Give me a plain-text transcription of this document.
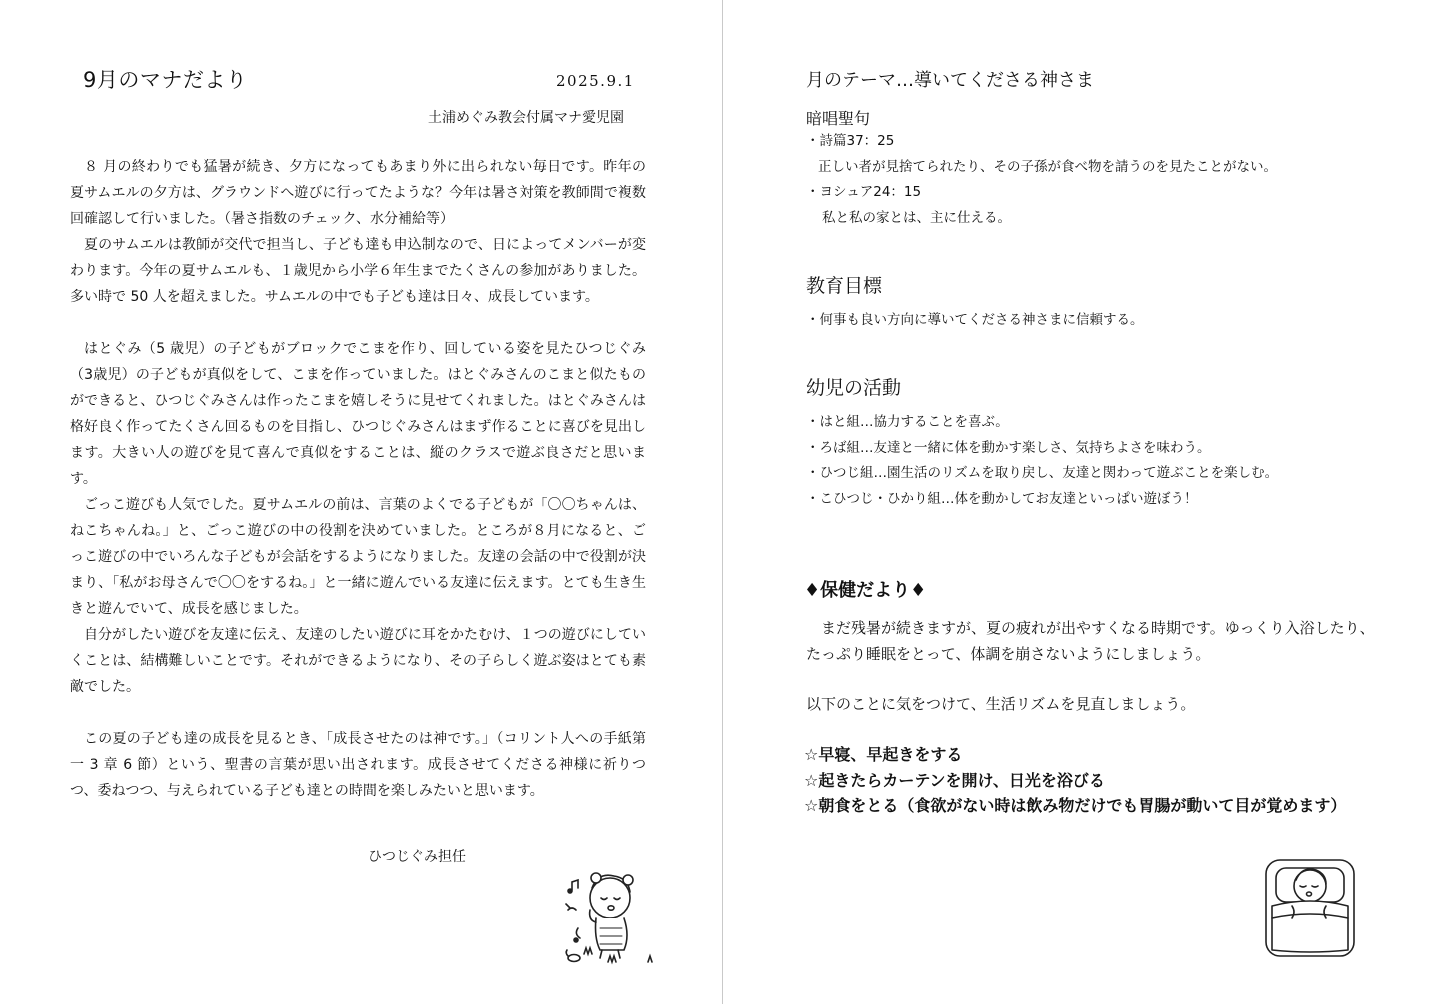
9月のマナだより	2025.9.1
土浦めぐみ教会付属マナ愛児園

８ 月の終わりでも猛暑が続き、夕方になってもあまり外に出られない毎日です。昨年の夏サムエルの夕方は、グラウンドへ遊びに行ってたような？今年は暑さ対策を教師間で複数回確認して行いました。（暑さ指数のチェック、水分補給等）

夏のサムエルは教師が交代で担当し、子ども達も申込制なので、日によってメンバーが変わります。今年の夏サムエルも、１歳児から小学６年生までたくさんの参加がありました。多い時で 50 人を超えました。サムエルの中でも子ども達は日々、成長しています。

はとぐみ（5 歳児）の子どもがブロックでこまを作り、回している姿を見たひつじぐみ（3歳児）の子どもが真似をして、こまを作っていました。はとぐみさんのこまと似たものができると、ひつじぐみさんは作ったこまを嬉しそうに見せてくれました。はとぐみさんは格好良く作ってたくさん回るものを目指し、ひつじぐみさんはまず作ることに喜びを見出します。大きい人の遊びを見て喜んで真似をすることは、縦のクラスで遊ぶ良さだと思います。

ごっこ遊びも人気でした。夏サムエルの前は、言葉のよくでる子どもが「〇〇ちゃんは、ねこちゃんね。」と、ごっこ遊びの中の役割を決めていました。ところが８月になると、ごっこ遊びの中でいろんな子どもが会話をするようになりました。友達の会話の中で役割が決まり、「私がお母さんで〇〇をするね。」と一緒に遊んでいる友達に伝えます。とても生き生きと遊んでいて、成長を感じました。

自分がしたい遊びを友達に伝え、友達のしたい遊びに耳をかたむけ、１つの遊びにしていくことは、結構難しいことです。それができるようになり、その子らしく遊ぶ姿はとても素敵でした。

この夏の子ども達の成長を見るとき、「成長させたのは神です。」（コリント人への手紙第一 3 章 6 節）という、聖書の言葉が思い出されます。成長させてくださる神様に祈りつつ、委ねつつ、与えられている子ども達との時間を楽しみたいと思います。

ひつじぐみ担任
月のテーマ…導いてくださる神さま
暗唱聖句
・詩篇37：25
正しい者が見捨てられたり、その子孫が食べ物を請うのを見たことがない。
・ヨシュア24：15
私と私の家とは、主に仕える。
教育目標
・何事も良い方向に導いてくださる神さまに信頼する。
幼児の活動
・はと組…協力することを喜ぶ。
・ろば組…友達と一緒に体を動かす楽しさ、気持ちよさを味わう。
・ひつじ組…園生活のリズムを取り戻し、友達と関わって遊ぶことを楽しむ。
・こひつじ・ひかり組…体を動かしてお友達といっぱい遊ぼう！
♦保健だより♦
　まだ残暑が続きますが、夏の疲れが出やすくなる時期です。ゆっくり入浴したり、
たっぷり睡眠をとって、体調を崩さないようにしましょう。
以下のことに気をつけて、生活リズムを見直しましょう。
☆早寝、早起きをする
☆起きたらカーテンを開け、日光を浴びる
☆朝食をとる（食欲がない時は飲み物だけでも胃腸が動いて目が覚めます）
